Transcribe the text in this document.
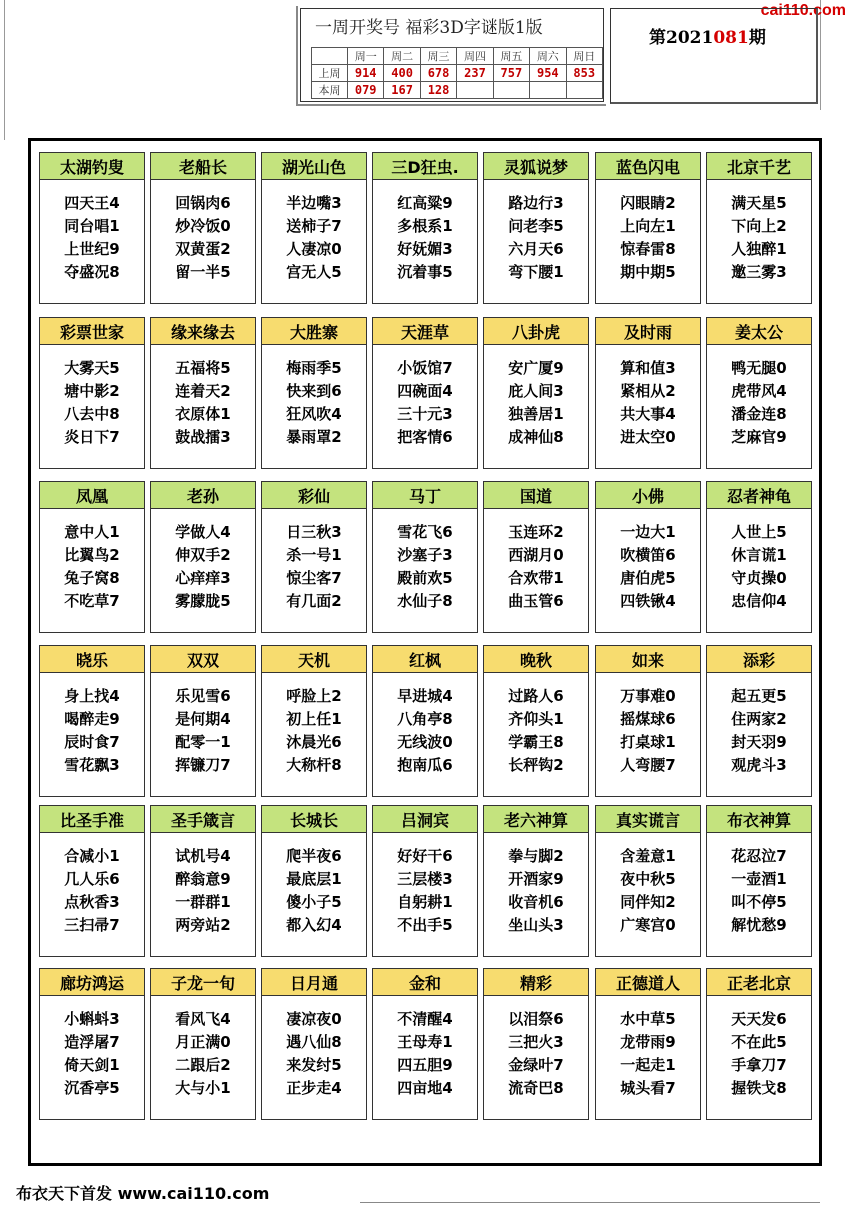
cai110.com
一周开奖号 福彩3D字谜版1版
	周一	周二	周三	周四	周五	周六	周日
上周	914	400	678	237	757	954	853
本周	079	167	128				
第2021081期
太湖钓叟
四天王4
同台唱1
上世纪9
夺盛况8
老船长
回锅肉6
炒冷饭0
双黄蛋2
留一半5
湖光山色
半边嘴3
送柿子7
人凄凉0
宫无人5
三D狂虫.
红高粱9
多根系1
好妩媚3
沉着事5
灵狐说梦
路边行3
问老李5
六月天6
弯下腰1
蓝色闪电
闪眼睛2
上向左1
惊春雷8
期中期5
北京千艺
满天星5
下向上2
人独醉1
邀三雾3
彩票世家
大雾天5
塘中影2
八去中8
炎日下7
缘来缘去
五福将5
连着天2
衣原体1
鼓战擂3
大胜寨
梅雨季5
快来到6
狂风吹4
暴雨罩2
天涯草
小饭馆7
四碗面4
三十元3
把客情6
八卦虎
安广厦9
庇人间3
独善居1
成神仙8
及时雨
算和值3
紧相从2
共大事4
进太空0
姜太公
鸭无腿0
虎带风4
潘金连8
芝麻官9
凤凰
意中人1
比翼鸟2
兔子窝8
不吃草7
老孙
学做人4
伸双手2
心痒痒3
雾朦胧5
彩仙
日三秋3
杀一号1
惊尘客7
有几面2
马丁
雪花飞6
沙塞子3
殿前欢5
水仙子8
国道
玉连环2
西湖月0
合欢带1
曲玉管6
小佛
一边大1
吹横笛6
唐伯虎5
四铁锹4
忍者神龟
人世上5
休言谎1
守贞操0
忠信仰4
晓乐
身上找4
喝醉走9
辰时食7
雪花飘3
双双
乐见雪6
是何期4
配零一1
挥镰刀7
天机
呼脸上2
初上任1
沐晨光6
大称杆8
红枫
早进城4
八角亭8
无线波0
抱南瓜6
晚秋
过路人6
齐仰头1
学霸王8
长秤钩2
如来
万事难0
摇煤球6
打桌球1
人弯腰7
添彩
起五更5
住两家2
封天羽9
观虎斗3
比圣手准
合减小1
几人乐6
点秋香3
三扫帚7
圣手箴言
试机号4
醉翁意9
一群群1
两旁站2
长城长
爬半夜6
最底层1
傻小子5
都入幻4
吕洞宾
好好干6
三层楼3
自躬耕1
不出手5
老六神算
拳与脚2
开酒家9
收音机6
坐山头3
真实谎言
含羞意1
夜中秋5
同伴知2
广寒宫0
布衣神算
花忍泣7
一壶酒1
叫不停5
解忧愁9
廊坊鸿运
小蝌蚪3
造浮屠7
倚天剑1
沉香亭5
子龙一旬
看风飞4
月正满0
二跟后2
大与小1
日月通
凄凉夜0
遇八仙8
来发纣5
正步走4
金和
不清醒4
王母寿1
四五胆9
四亩地4
精彩
以泪祭6
三把火3
金绿叶7
流奇巴8
正德道人
水中草5
龙带雨9
一起走1
城头看7
正老北京
天天发6
不在此5
手拿刀7
握铁戈8
布衣天下首发 www.cai110.com
